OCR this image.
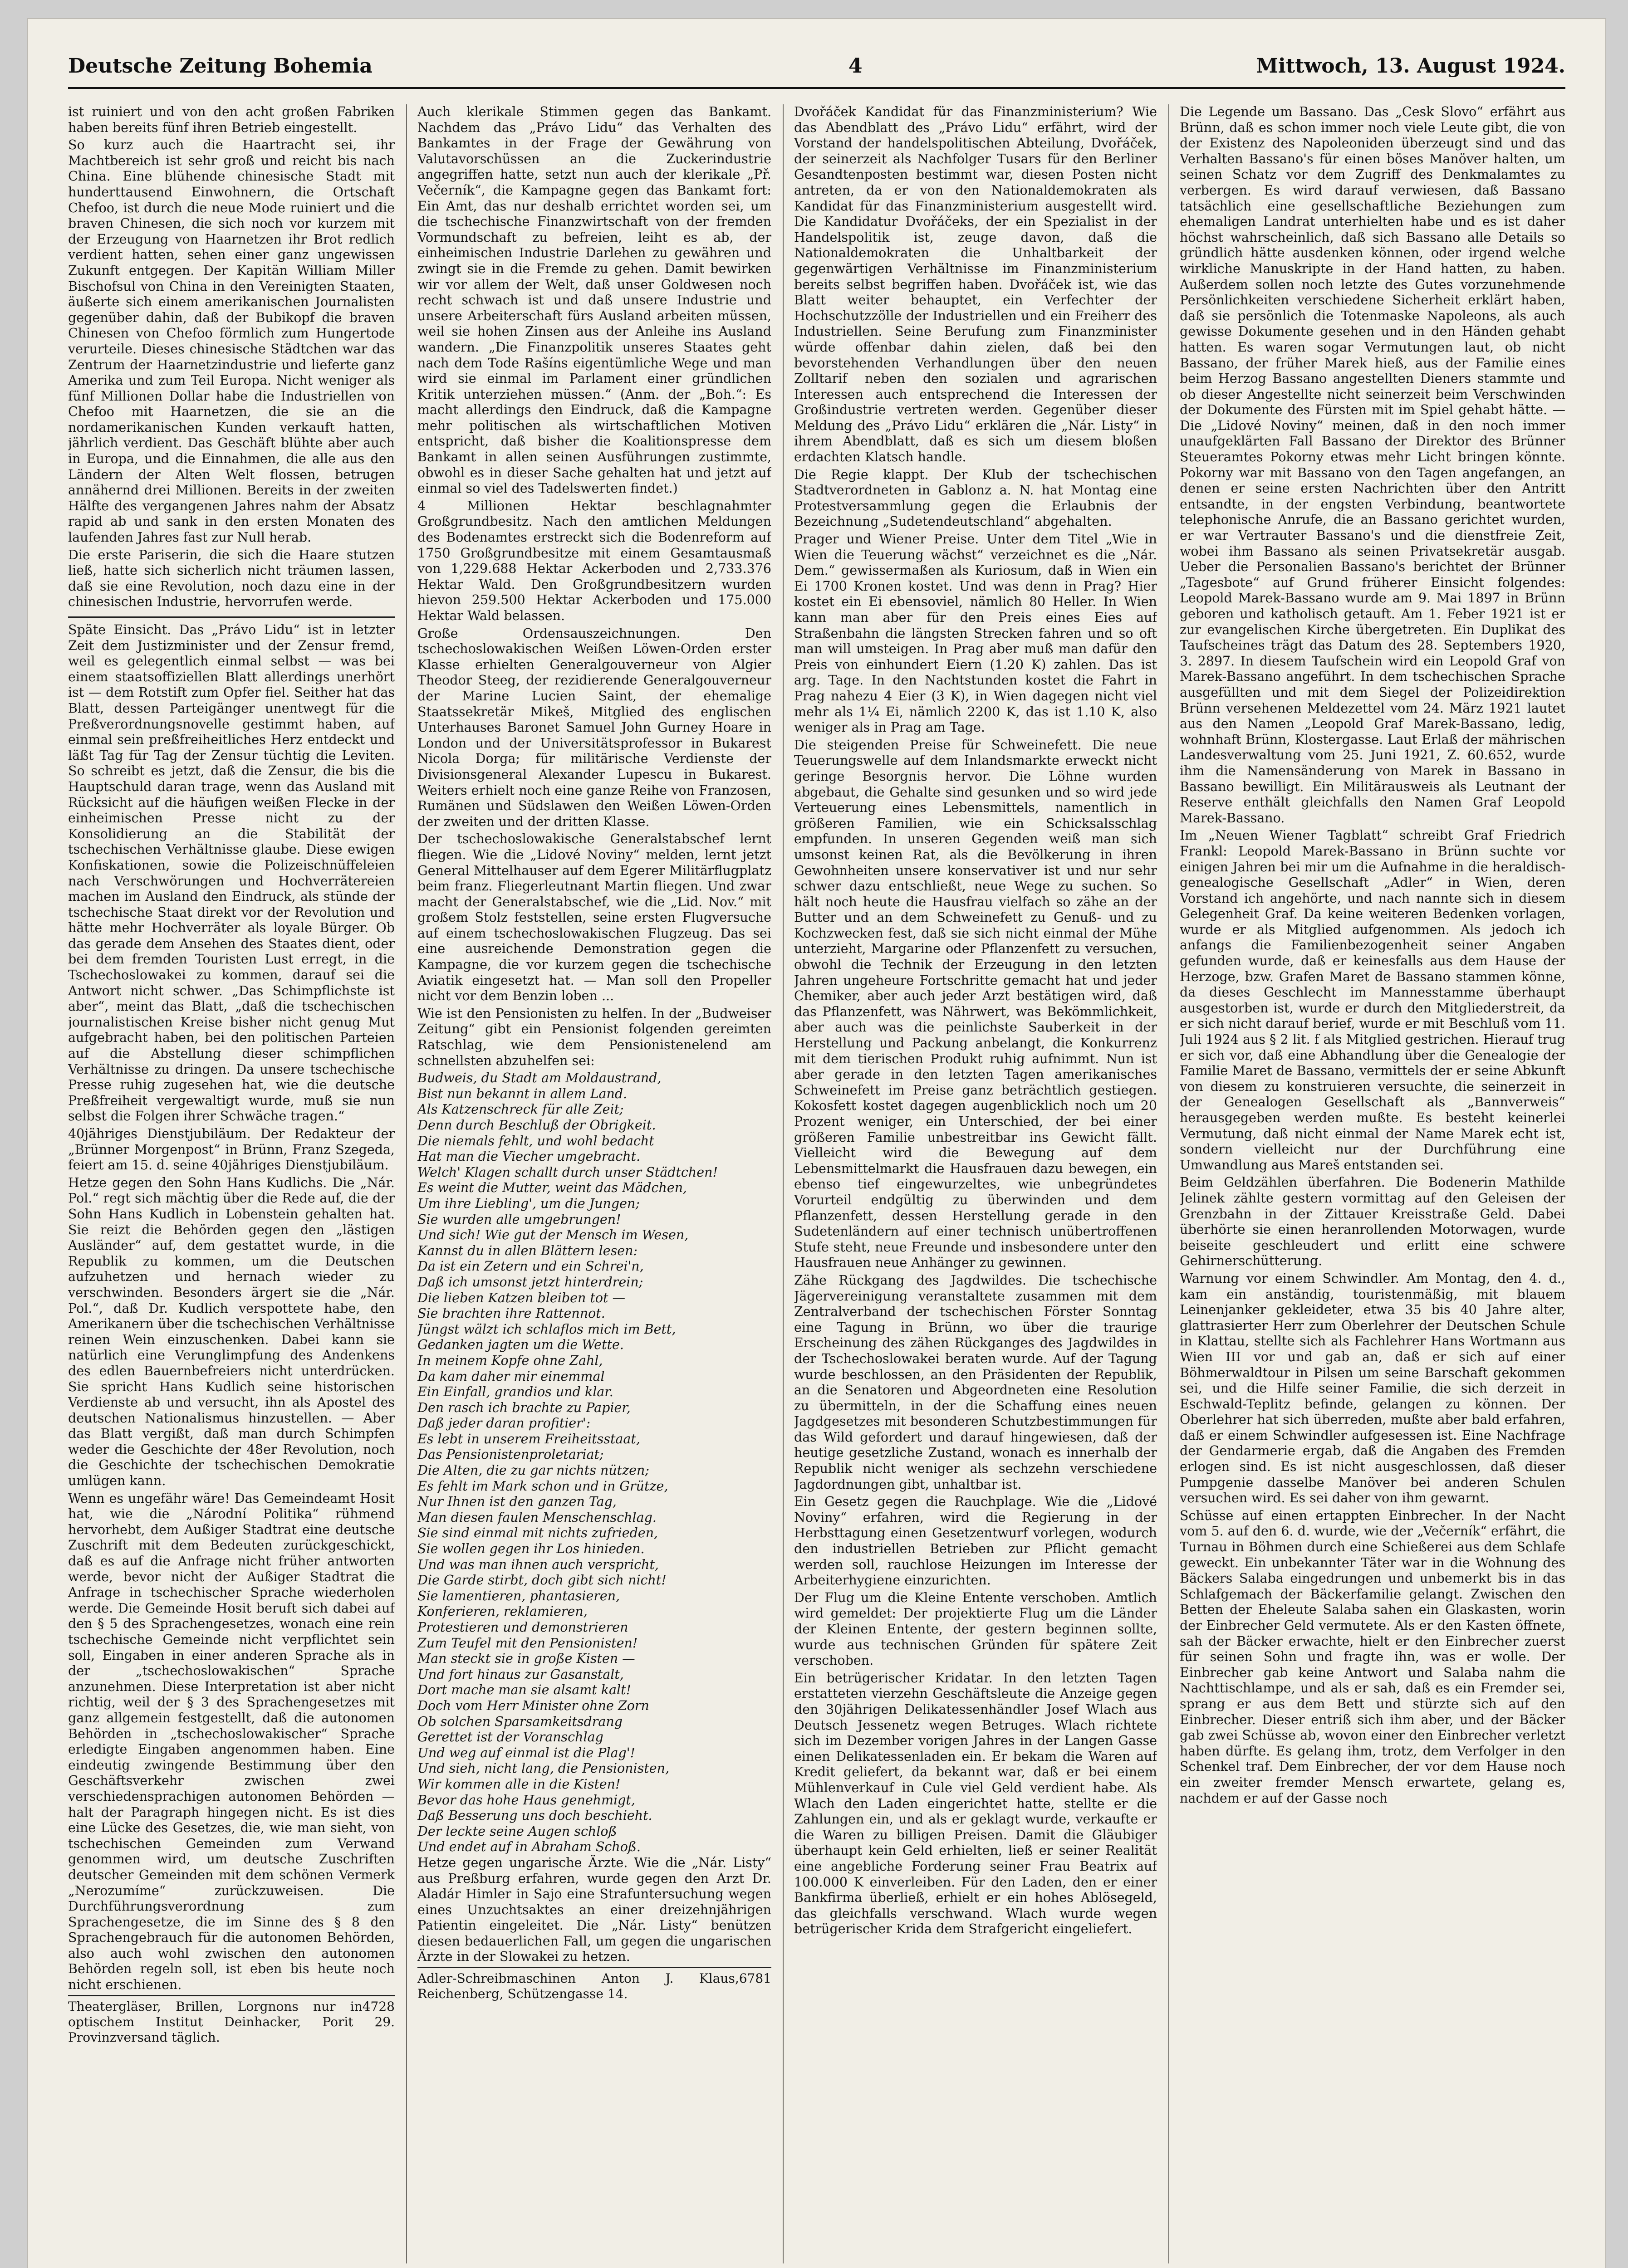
Deutsche Zeitung Bohemia	4	Mittwoch, 13. August 1924.

ist ruiniert und von den acht großen Fabriken haben bereits fünf ihren Betrieb eingestellt.

So kurz auch die Haartracht sei, ihr Machtbereich ist sehr groß und reicht bis nach China. Eine blühende chinesische Stadt mit hunderttausend Einwohnern, die Ortschaft Chefoo, ist durch die neue Mode ruiniert und die braven Chinesen, die sich noch vor kurzem mit der Erzeugung von Haarnetzen ihr Brot redlich verdient hatten, sehen einer ganz ungewissen Zukunft entgegen. Der Kapitän William Miller Bischofsul von China in den Vereinigten Staaten, äußerte sich einem amerikanischen Journalisten gegenüber dahin, daß der Bubikopf die braven Chinesen von Chefoo förmlich zum Hungertode verurteile. Dieses chinesische Städtchen war das Zentrum der Haarnetzindustrie und lieferte ganz Amerika und zum Teil Europa. Nicht weniger als fünf Millionen Dollar habe die Industriellen von Chefoo mit Haarnetzen, die sie an die nordamerikanischen Kunden verkauft hatten, jährlich verdient. Das Geschäft blühte aber auch in Europa, und die Einnahmen, die alle aus den Ländern der Alten Welt flossen, betrugen annähernd drei Millionen. Bereits in der zweiten Hälfte des vergangenen Jahres nahm der Absatz rapid ab und sank in den ersten Monaten des laufenden Jahres fast zur Null herab.

Die erste Pariserin, die sich die Haare stutzen ließ, hatte sich sicherlich nicht träumen lassen, daß sie eine Revolution, noch dazu eine in der chinesischen Industrie, hervorrufen werde.

Späte Einsicht. Das „Právo Lidu“ ist in letzter Zeit dem Justizminister und der Zensur fremd, weil es gelegentlich einmal selbst — was bei einem staatsoffiziellen Blatt allerdings unerhört ist — dem Rotstift zum Opfer fiel. Seither hat das Blatt, dessen Parteigänger unentwegt für die Preßverordnungsnovelle gestimmt haben, auf einmal sein preßfreiheitliches Herz entdeckt und läßt Tag für Tag der Zensur tüchtig die Leviten. So schreibt es jetzt, daß die Zensur, die bis die Hauptschuld daran trage, wenn das Ausland mit Rücksicht auf die häufigen weißen Flecke in der einheimischen Presse nicht zu der Konsolidierung an die Stabilität der tschechischen Verhältnisse glaube. Diese ewigen Konfiskationen, sowie die Polizeischnüffeleien nach Verschwörungen und Hochverrätereien machen im Ausland den Eindruck, als stünde der tschechische Staat direkt vor der Revolution und hätte mehr Hochverräter als loyale Bürger. Ob das gerade dem Ansehen des Staates dient, oder bei dem fremden Touristen Lust erregt, in die Tschechoslowakei zu kommen, darauf sei die Antwort nicht schwer. „Das Schimpflichste ist aber“, meint das Blatt, „daß die tschechischen journalistischen Kreise bisher nicht genug Mut aufgebracht haben, bei den politischen Parteien auf die Abstellung dieser schimpflichen Verhältnisse zu dringen. Da unsere tschechische Presse ruhig zugesehen hat, wie die deutsche Preßfreiheit vergewaltigt wurde, muß sie nun selbst die Folgen ihrer Schwäche tragen.“

40jähriges Dienstjubiläum. Der Redakteur der „Brünner Morgenpost“ in Brünn, Franz Szegeda, feiert am 15. d. seine 40jähriges Dienstjubiläum.

Hetze gegen den Sohn Hans Kudlichs. Die „Nár. Pol.“ regt sich mächtig über die Rede auf, die der Sohn Hans Kudlich in Lobenstein gehalten hat. Sie reizt die Behörden gegen den „lästigen Ausländer“ auf, dem gestattet wurde, in die Republik zu kommen, um die Deutschen aufzuhetzen und hernach wieder zu verschwinden. Besonders ärgert sie die „Nár. Pol.“, daß Dr. Kudlich verspottete habe, den Amerikanern über die tschechischen Verhältnisse reinen Wein einzuschenken. Dabei kann sie natürlich eine Verunglimpfung des Andenkens des edlen Bauernbefreiers nicht unterdrücken. Sie spricht Hans Kudlich seine historischen Verdienste ab und versucht, ihn als Apostel des deutschen Nationalismus hinzustellen. — Aber das Blatt vergißt, daß man durch Schimpfen weder die Geschichte der 48er Revolution, noch die Geschichte der tschechischen Demokratie umlügen kann.

Wenn es ungefähr wäre! Das Gemeindeamt Hosit hat, wie die „Národní Politika“ rühmend hervorhebt, dem Außiger Stadtrat eine deutsche Zuschrift mit dem Bedeuten zurückgeschickt, daß es auf die Anfrage nicht früher antworten werde, bevor nicht der Außiger Stadtrat die Anfrage in tschechischer Sprache wiederholen werde. Die Gemeinde Hosit beruft sich dabei auf den § 5 des Sprachengesetzes, wonach eine rein tschechische Gemeinde nicht verpflichtet sein soll, Eingaben in einer anderen Sprache als in der „tschechoslowakischen“ Sprache anzunehmen. Diese Interpretation ist aber nicht richtig, weil der § 3 des Sprachengesetzes mit ganz allgemein festgestellt, daß die autonomen Behörden in „tschechoslowakischer“ Sprache erledigte Eingaben angenommen haben. Eine eindeutig zwingende Bestimmung über den Geschäftsverkehr zwischen zwei verschiedensprachigen autonomen Behörden — halt der Paragraph hingegen nicht. Es ist dies eine Lücke des Gesetzes, die, wie man sieht, von tschechischen Gemeinden zum Verwand genommen wird, um deutsche Zuschriften deutscher Gemeinden mit dem schönen Vermerk „Nerozumíme“ zurückzuweisen. Die Durchführungsverordnung zum Sprachengesetze, die im Sinne des § 8 den Sprachengebrauch für die autonomen Behörden, also auch wohl zwischen den autonomen Behörden regeln soll, ist eben bis heute noch nicht erschienen.

4728
Theatergläser, Brillen, Lorgnons nur in optischem Institut Deinhacker, Porit 29. Provinzversand täglich.

Auch klerikale Stimmen gegen das Bankamt. Nachdem das „Právo Lidu“ das Verhalten des Bankamtes in der Frage der Gewährung von Valutavorschüssen an die Zuckerindustrie angegriffen hatte, setzt nun auch der klerikale „Př. Večerník“, die Kampagne gegen das Bankamt fort: Ein Amt, das nur deshalb errichtet worden sei, um die tschechische Finanzwirtschaft von der fremden Vormundschaft zu befreien, leiht es ab, der einheimischen Industrie Darlehen zu gewähren und zwingt sie in die Fremde zu gehen. Damit bewirken wir vor allem der Welt, daß unser Goldwesen noch recht schwach ist und daß unsere Industrie und unsere Arbeiterschaft fürs Ausland arbeiten müssen, weil sie hohen Zinsen aus der Anleihe ins Ausland wandern. „Die Finanzpolitik unseres Staates geht nach dem Tode Rašíns eigentümliche Wege und man wird sie einmal im Parlament einer gründlichen Kritik unterziehen müssen.“ (Anm. der „Boh.“: Es macht allerdings den Eindruck, daß die Kampagne mehr politischen als wirtschaftlichen Motiven entspricht, daß bisher die Koalitionspresse dem Bankamt in allen seinen Ausführungen zustimmte, obwohl es in dieser Sache gehalten hat und jetzt auf einmal so viel des Tadelswerten findet.)

4 Millionen Hektar beschlagnahmter Großgrundbesitz. Nach den amtlichen Meldungen des Bodenamtes erstreckt sich die Bodenreform auf 1750 Großgrundbesitze mit einem Gesamtausmaß von 1,229.688 Hektar Ackerboden und 2,733.376 Hektar Wald. Den Großgrundbesitzern wurden hievon 259.500 Hektar Ackerboden und 175.000 Hektar Wald belassen.

Große Ordensauszeichnungen. Den tschechoslowakischen Weißen Löwen-Orden erster Klasse erhielten Generalgouverneur von Algier Theodor Steeg, der rezidierende Generalgouverneur der Marine Lucien Saint, der ehemalige Staatssekretär Mikeš, Mitglied des englischen Unterhauses Baronet Samuel John Gurney Hoare in London und der Universitätsprofessor in Bukarest Nicola Dorga; für militärische Verdienste der Divisionsgeneral Alexander Lupescu in Bukarest. Weiters erhielt noch eine ganze Reihe von Franzosen, Rumänen und Südslawen den Weißen Löwen-Orden der zweiten und der dritten Klasse.

Der tschechoslowakische Generalstabschef lernt fliegen. Wie die „Lidové Noviny“ melden, lernt jetzt General Mittelhauser auf dem Egerer Militärflugplatz beim franz. Fliegerleutnant Martin fliegen. Und zwar macht der Generalstabschef, wie die „Lid. Nov.“ mit großem Stolz feststellen, seine ersten Flugversuche auf einem tschechoslowakischen Flugzeug. Das sei eine ausreichende Demonstration gegen die Kampagne, die vor kurzem gegen die tschechische Aviatik eingesetzt hat. — Man soll den Propeller nicht vor dem Benzin loben ...

Wie ist den Pensionisten zu helfen. In der „Budweiser Zeitung“ gibt ein Pensionist folgenden gereimten Ratschlag, wie dem Pensionistenelend am schnellsten abzuhelfen sei:

Budweis, du Stadt am Moldaustrand,
Bist nun bekannt in allem Land.
Als Katzenschreck für alle Zeit;
Denn durch Beschluß der Obrigkeit.
Die niemals fehlt, und wohl bedacht
Hat man die Viecher umgebracht.
Welch' Klagen schallt durch unser Städtchen!
Es weint die Mutter, weint das Mädchen,
Um ihre Liebling', um die Jungen;
Sie wurden alle umgebrungen!
Und sich! Wie gut der Mensch im Wesen,
Kannst du in allen Blättern lesen:
Da ist ein Zetern und ein Schrei'n,
Daß ich umsonst jetzt hinterdrein;
Die lieben Katzen bleiben tot —
Sie brachten ihre Rattennot.
Jüngst wälzt ich schlaflos mich im Bett,
Gedanken jagten um die Wette.
In meinem Kopfe ohne Zahl,
Da kam daher mir einemmal
Ein Einfall, grandios und klar.
Den rasch ich brachte zu Papier,
Daß jeder daran profitier':
Es lebt in unserem Freiheitsstaat,
Das Pensionistenproletariat;
Die Alten, die zu gar nichts nützen;
Es fehlt im Mark schon und in Grütze,
Nur Ihnen ist den ganzen Tag,
Man diesen faulen Menschenschlag.
Sie sind einmal mit nichts zufrieden,
Sie wollen gegen ihr Los hinieden.
Und was man ihnen auch verspricht,
Die Garde stirbt, doch gibt sich nicht!
Sie lamentieren, phantasieren,
Konferieren, reklamieren,
Protestieren und demonstrieren
Zum Teufel mit den Pensionisten!
Man steckt sie in große Kisten —
Und fort hinaus zur Gasanstalt,
Dort mache man sie alsamt kalt!
Doch vom Herr Minister ohne Zorn
Ob solchen Sparsamkeitsdrang
Gerettet ist der Voranschlag
Und weg auf einmal ist die Plag'!
Und sieh, nicht lang, die Pensionisten,
Wir kommen alle in die Kisten!
Bevor das hohe Haus genehmigt,
Daß Besserung uns doch beschieht.
Der leckte seine Augen schloß
Und endet auf in Abraham Schoß.

Hetze gegen ungarische Ärzte. Wie die „Nár. Listy“ aus Preßburg erfahren, wurde gegen den Arzt Dr. Aladár Himler in Sajo eine Strafuntersuchung wegen eines Unzuchtsaktes an einer dreizehnjährigen Patientin eingeleitet. Die „Nár. Listy“ benützen diesen bedauerlichen Fall, um gegen die ungarischen Ärzte in der Slowakei zu hetzen.

6781
Adler-Schreibmaschinen Anton J. Klaus, Reichenberg, Schützengasse 14.

Dvořáček Kandidat für das Finanzministerium? Wie das Abendblatt des „Právo Lidu“ erfährt, wird der Vorstand der handelspolitischen Abteilung, Dvořáček, der seinerzeit als Nachfolger Tusars für den Berliner Gesandtenposten bestimmt war, diesen Posten nicht antreten, da er von den Nationaldemokraten als Kandidat für das Finanzministerium ausgestellt wird. Die Kandidatur Dvořáčeks, der ein Spezialist in der Handelspolitik ist, zeuge davon, daß die Nationaldemokraten die Unhaltbarkeit der gegenwärtigen Verhältnisse im Finanzministerium bereits selbst begriffen haben. Dvořáček ist, wie das Blatt weiter behauptet, ein Verfechter der Hochschutzzölle der Industriellen und ein Freiherr des Industriellen. Seine Berufung zum Finanzminister würde offenbar dahin zielen, daß bei den bevorstehenden Verhandlungen über den neuen Zolltarif neben den sozialen und agrarischen Interessen auch entsprechend die Interessen der Großindustrie vertreten werden. Gegenüber dieser Meldung des „Právo Lidu“ erklären die „Nár. Listy“ in ihrem Abendblatt, daß es sich um diesem bloßen erdachten Klatsch handle.

Die Regie klappt. Der Klub der tschechischen Stadtverordneten in Gablonz a. N. hat Montag eine Protestversammlung gegen die Erlaubnis der Bezeichnung „Sudetendeutschland“ abgehalten.

Prager und Wiener Preise. Unter dem Titel „Wie in Wien die Teuerung wächst“ verzeichnet es die „Nár. Dem.“ gewissermaßen als Kuriosum, daß in Wien ein Ei 1700 Kronen kostet. Und was denn in Prag? Hier kostet ein Ei ebensoviel, nämlich 80 Heller. In Wien kann man aber für den Preis eines Eies auf Straßenbahn die längsten Strecken fahren und so oft man will umsteigen. In Prag aber muß man dafür den Preis von einhundert Eiern (1.20 K) zahlen. Das ist arg. Tage. In den Nachtstunden kostet die Fahrt in Prag nahezu 4 Eier (3 K), in Wien dagegen nicht viel mehr als 1¼ Ei, nämlich 2200 K, das ist 1.10 K, also weniger als in Prag am Tage.

Die steigenden Preise für Schweinefett. Die neue Teuerungswelle auf dem Inlandsmarkte erweckt nicht geringe Besorgnis hervor. Die Löhne wurden abgebaut, die Gehalte sind gesunken und so wird jede Verteuerung eines Lebensmittels, namentlich in größeren Familien, wie ein Schicksalsschlag empfunden. In unseren Gegenden weiß man sich umsonst keinen Rat, als die Bevölkerung in ihren Gewohnheiten unsere konservativer ist und nur sehr schwer dazu entschließt, neue Wege zu suchen. So hält noch heute die Hausfrau vielfach so zähe an der Butter und an dem Schweinefett zu Genuß- und zu Kochzwecken fest, daß sie sich nicht einmal der Mühe unterzieht, Margarine oder Pflanzenfett zu versuchen, obwohl die Technik der Erzeugung in den letzten Jahren ungeheure Fortschritte gemacht hat und jeder Chemiker, aber auch jeder Arzt bestätigen wird, daß das Pflanzenfett, was Nährwert, was Bekömmlichkeit, aber auch was die peinlichste Sauberkeit in der Herstellung und Packung anbelangt, die Konkurrenz mit dem tierischen Produkt ruhig aufnimmt. Nun ist aber gerade in den letzten Tagen amerikanisches Schweinefett im Preise ganz beträchtlich gestiegen. Kokosfett kostet dagegen augenblicklich noch um 20 Prozent weniger, ein Unterschied, der bei einer größeren Familie unbestreitbar ins Gewicht fällt. Vielleicht wird die Bewegung auf dem Lebensmittelmarkt die Hausfrauen dazu bewegen, ein ebenso tief eingewurzeltes, wie unbegründetes Vorurteil endgültig zu überwinden und dem Pflanzenfett, dessen Herstellung gerade in den Sudetenländern auf einer technisch unübertroffenen Stufe steht, neue Freunde und insbesondere unter den Hausfrauen neue Anhänger zu gewinnen.

Zähe Rückgang des Jagdwildes. Die tschechische Jägervereinigung veranstaltete zusammen mit dem Zentralverband der tschechischen Förster Sonntag eine Tagung in Brünn, wo über die traurige Erscheinung des zähen Rückganges des Jagdwildes in der Tschechoslowakei beraten wurde. Auf der Tagung wurde beschlossen, an den Präsidenten der Republik, an die Senatoren und Abgeordneten eine Resolution zu übermitteln, in der die Schaffung eines neuen Jagdgesetzes mit besonderen Schutzbestimmungen für das Wild gefordert und darauf hingewiesen, daß der heutige gesetzliche Zustand, wonach es innerhalb der Republik nicht weniger als sechzehn verschiedene Jagdordnungen gibt, unhaltbar ist.

Ein Gesetz gegen die Rauchplage. Wie die „Lidové Noviny“ erfahren, wird die Regierung in der Herbsttagung einen Gesetzentwurf vorlegen, wodurch den industriellen Betrieben zur Pflicht gemacht werden soll, rauchlose Heizungen im Interesse der Arbeiterhygiene einzurichten.

Der Flug um die Kleine Entente verschoben. Amtlich wird gemeldet: Der projektierte Flug um die Länder der Kleinen Entente, der gestern beginnen sollte, wurde aus technischen Gründen für spätere Zeit verschoben.

Ein betrügerischer Kridatar. In den letzten Tagen erstatteten vierzehn Geschäftsleute die Anzeige gegen den 30jährigen Delikatessenhändler Josef Wlach aus Deutsch Jessenetz wegen Betruges. Wlach richtete sich im Dezember vorigen Jahres in der Langen Gasse einen Delikatessenladen ein. Er bekam die Waren auf Kredit geliefert, da bekannt war, daß er bei einem Mühlenverkauf in Cule viel Geld verdient habe. Als Wlach den Laden eingerichtet hatte, stellte er die Zahlungen ein, und als er geklagt wurde, verkaufte er die Waren zu billigen Preisen. Damit die Gläubiger überhaupt kein Geld erhielten, ließ er seiner Realität eine angebliche Forderung seiner Frau Beatrix auf 100.000 K einverleiben. Für den Laden, den er einer Bankfirma überließ, erhielt er ein hohes Ablösegeld, das gleichfalls verschwand. Wlach wurde wegen betrügerischer Krida dem Strafgericht eingeliefert.

Die Legende um Bassano. Das „Cesk Slovo“ erfährt aus Brünn, daß es schon immer noch viele Leute gibt, die von der Existenz des Napoleoniden überzeugt sind und das Verhalten Bassano's für einen böses Manöver halten, um seinen Schatz vor dem Zugriff des Denkmalamtes zu verbergen. Es wird darauf verwiesen, daß Bassano tatsächlich eine gesellschaftliche Beziehungen zum ehemaligen Landrat unterhielten habe und es ist daher höchst wahrscheinlich, daß sich Bassano alle Details so gründlich hätte ausdenken können, oder irgend welche wirkliche Manuskripte in der Hand hatten, zu haben. Außerdem sollen noch letzte des Gutes vorzunehmende Persönlichkeiten verschiedene Sicherheit erklärt haben, daß sie persönlich die Totenmaske Napoleons, als auch gewisse Dokumente gesehen und in den Händen gehabt hatten. Es waren sogar Vermutungen laut, ob nicht Bassano, der früher Marek hieß, aus der Familie eines beim Herzog Bassano angestellten Dieners stammte und ob dieser Angestellte nicht seinerzeit beim Verschwinden der Dokumente des Fürsten mit im Spiel gehabt hätte. — Die „Lidové Noviny“ meinen, daß in den noch immer unaufgeklärten Fall Bassano der Direktor des Brünner Steueramtes Pokorny etwas mehr Licht bringen könnte. Pokorny war mit Bassano von den Tagen angefangen, an denen er seine ersten Nachrichten über den Antritt entsandte, in der engsten Verbindung, beantwortete telephonische Anrufe, die an Bassano gerichtet wurden, er war Vertrauter Bassano's und die dienstfreie Zeit, wobei ihm Bassano als seinen Privatsekretär ausgab. Ueber die Personalien Bassano's berichtet der Brünner „Tagesbote“ auf Grund früherer Einsicht folgendes: Leopold Marek-Bassano wurde am 9. Mai 1897 in Brünn geboren und katholisch getauft. Am 1. Feber 1921 ist er zur evangelischen Kirche übergetreten. Ein Duplikat des Taufscheines trägt das Datum des 28. Septembers 1920, 3. 2897. In diesem Taufschein wird ein Leopold Graf von Marek-Bassano angeführt. In dem tschechischen Sprache ausgefüllten und mit dem Siegel der Polizeidirektion Brünn versehenen Meldezettel vom 24. März 1921 lautet aus den Namen „Leopold Graf Marek-Bassano, ledig, wohnhaft Brünn, Klostergasse. Laut Erlaß der mährischen Landesverwaltung vom 25. Juni 1921, Z. 60.652, wurde ihm die Namensänderung von Marek in Bassano in Bassano bewilligt. Ein Militärausweis als Leutnant der Reserve enthält gleichfalls den Namen Graf Leopold Marek-Bassano.

Im „Neuen Wiener Tagblatt“ schreibt Graf Friedrich Frankl: Leopold Marek-Bassano in Brünn suchte vor einigen Jahren bei mir um die Aufnahme in die heraldisch-genealogische Gesellschaft „Adler“ in Wien, deren Vorstand ich angehörte, und nach nannte sich in diesem Gelegenheit Graf. Da keine weiteren Bedenken vorlagen, wurde er als Mitglied aufgenommen. Als jedoch ich anfangs die Familienbezogenheit seiner Angaben gefunden wurde, daß er keinesfalls aus dem Hause der Herzoge, bzw. Grafen Maret de Bassano stammen könne, da dieses Geschlecht im Mannesstamme überhaupt ausgestorben ist, wurde er durch den Mitgliederstreit, da er sich nicht darauf berief, wurde er mit Beschluß vom 11. Juli 1924 aus § 2 lit. f als Mitglied gestrichen. Hierauf trug er sich vor, daß eine Abhandlung über die Genealogie der Familie Maret de Bassano, vermittels der er seine Abkunft von diesem zu konstruieren versuchte, die seinerzeit in der Genealogen Gesellschaft als „Bannverweis“ herausgegeben werden mußte. Es besteht keinerlei Vermutung, daß nicht einmal der Name Marek echt ist, sondern vielleicht nur der Durchführung eine Umwandlung aus Mareš entstanden sei.

Beim Geldzählen überfahren. Die Bodenerin Mathilde Jelinek zählte gestern vormittag auf den Geleisen der Grenzbahn in der Zittauer Kreisstraße Geld. Dabei überhörte sie einen heranrollenden Motorwagen, wurde beiseite geschleudert und erlitt eine schwere Gehirnerschütterung.

Warnung vor einem Schwindler. Am Montag, den 4. d., kam ein anständig, touristenmäßig, mit blauem Leinenjanker gekleideter, etwa 35 bis 40 Jahre alter, glattrasierter Herr zum Oberlehrer der Deutschen Schule in Klattau, stellte sich als Fachlehrer Hans Wortmann aus Wien III vor und gab an, daß er sich auf einer Böhmerwaldtour in Pilsen um seine Barschaft gekommen sei, und die Hilfe seiner Familie, die sich derzeit in Eschwald-Teplitz befinde, gelangen zu können. Der Oberlehrer hat sich überreden, mußte aber bald erfahren, daß er einem Schwindler aufgesessen ist. Eine Nachfrage der Gendarmerie ergab, daß die Angaben des Fremden erlogen sind. Es ist nicht ausgeschlossen, daß dieser Pumpgenie dasselbe Manöver bei anderen Schulen versuchen wird. Es sei daher von ihm gewarnt.

Schüsse auf einen ertappten Einbrecher. In der Nacht vom 5. auf den 6. d. wurde, wie der „Večerník“ erfährt, die Turnau in Böhmen durch eine Schießerei aus dem Schlafe geweckt. Ein unbekannter Täter war in die Wohnung des Bäckers Salaba eingedrungen und unbemerkt bis in das Schlafgemach der Bäckerfamilie gelangt. Zwischen den Betten der Eheleute Salaba sahen ein Glaskasten, worin der Einbrecher Geld vermutete. Als er den Kasten öffnete, sah der Bäcker erwachte, hielt er den Einbrecher zuerst für seinen Sohn und fragte ihn, was er wolle. Der Einbrecher gab keine Antwort und Salaba nahm die Nachttischlampe, und als er sah, daß es ein Fremder sei, sprang er aus dem Bett und stürzte sich auf den Einbrecher. Dieser entriß sich ihm aber, und der Bäcker gab zwei Schüsse ab, wovon einer den Einbrecher verletzt haben dürfte. Es gelang ihm, trotz, dem Verfolger in den Schenkel traf. Dem Einbrecher, der vor dem Hause noch ein zweiter fremder Mensch erwartete, gelang es, nachdem er auf der Gasse noch
